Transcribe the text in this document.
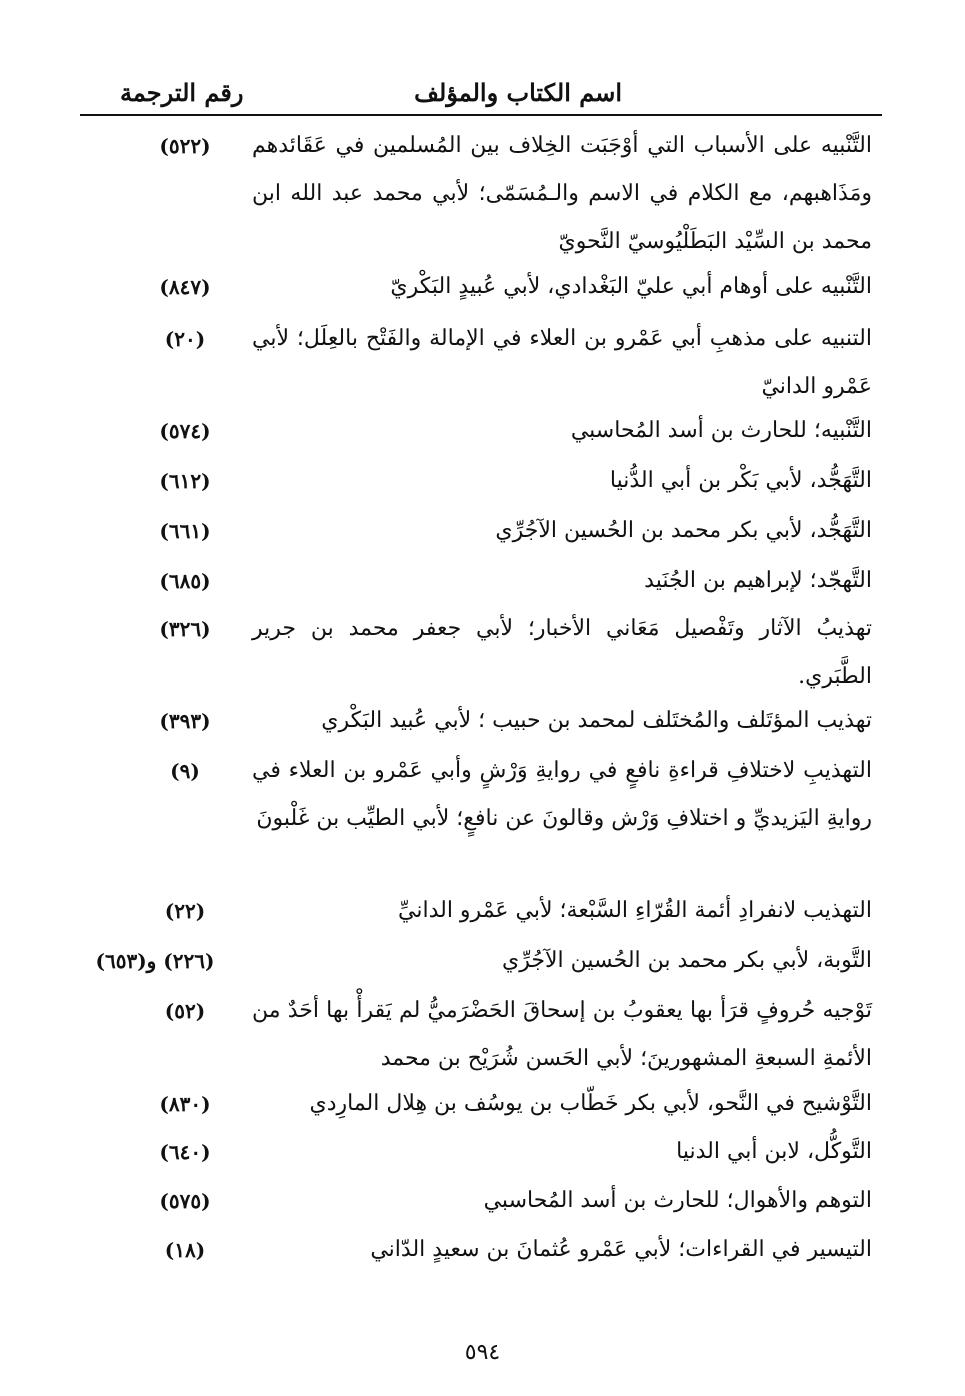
اسم الكتاب والمؤلف
رقم الترجمة
التَّنْبيه على الأسباب التي أوْجَبَت الخِلاف بين المُسلمين في عَقَائدهم ومَذَاهبهم، مع الكلام في الاسم والـمُسَمّى؛ لأبي محمد عبد الله ابن محمد بن السِّيْد البَطَلْيُوسيّ النَّحويّ
(٥٢٢)
التَّنْبيه على أوهام أبي عليّ البَغْدادي، لأبي عُبيدٍ البَكْريّ
(٨٤٧)
التنبيه على مذهبِ أبي عَمْرو بن العلاء في الإمالة والفَتْح بالعِلَل؛ لأبي عَمْرو الدانيّ
(٢٠)
التَّنْبيه؛ للحارث بن أسد المُحاسبي
(٥٧٤)
التَّهَجُّد، لأبي بَكْر بن أبي الدُّنيا
(٦١٢)
التَّهَجُّد، لأبي بكر محمد بن الحُسين الآجُرِّي
(٦٦١)
التَّهجّد؛ لإبراهيم بن الجُنَيد
(٦٨٥)
تهذيبُ الآثار وتَفْصيل مَعَاني الأخبار؛ لأبي جعفر محمد بن جرير الطَّبَري.
(٣٢٦)
تهذيب المؤتَلف والمُختَلف لمحمد بن حبيب ؛ لأبي عُبيد البَكْري
(٣٩٣)
التهذيبِ لاختلافِ قراءةِ نافعٍ في روايةِ وَرْشٍ وأبي عَمْرو بن العلاء في روايةِ اليَزيديِّ و اختلافِ وَرْش وقالونَ عن نافعٍ؛ لأبي الطيِّب بن غَلْبونَ
(٩)
التهذيب لانفرادِ أئمة القُرّاءِ السَّبْعة؛ لأبي عَمْرو الدانيِّ
(٢٢)
التَّوبة، لأبي بكر محمد بن الحُسين الآجُرِّي
(٢٢٦) و(٦٥٣)
تَوْجيه حُروفٍ قرَأ بها يعقوبُ بن إسحاقَ الحَضْرَميُّ لم يَقرأْ بها أحَدٌ من الأئمةِ السبعةِ المشهورينَ؛ لأبي الحَسن شُرَيْح بن محمد
(٥٢)
التَّوْشيح في النَّحو، لأبي بكر خَطّاب بن يوسُف بن هِلال المارِدي
(٨٣٠)
التَّوكُّل، لابن أبي الدنيا
(٦٤٠)
التوهم والأهوال؛ للحارث بن أسد المُحاسبي
(٥٧٥)
التيسير في القراءات؛ لأبي عَمْرو عُثمانَ بن سعيدٍ الدّاني
(١٨)
٥٩٤
